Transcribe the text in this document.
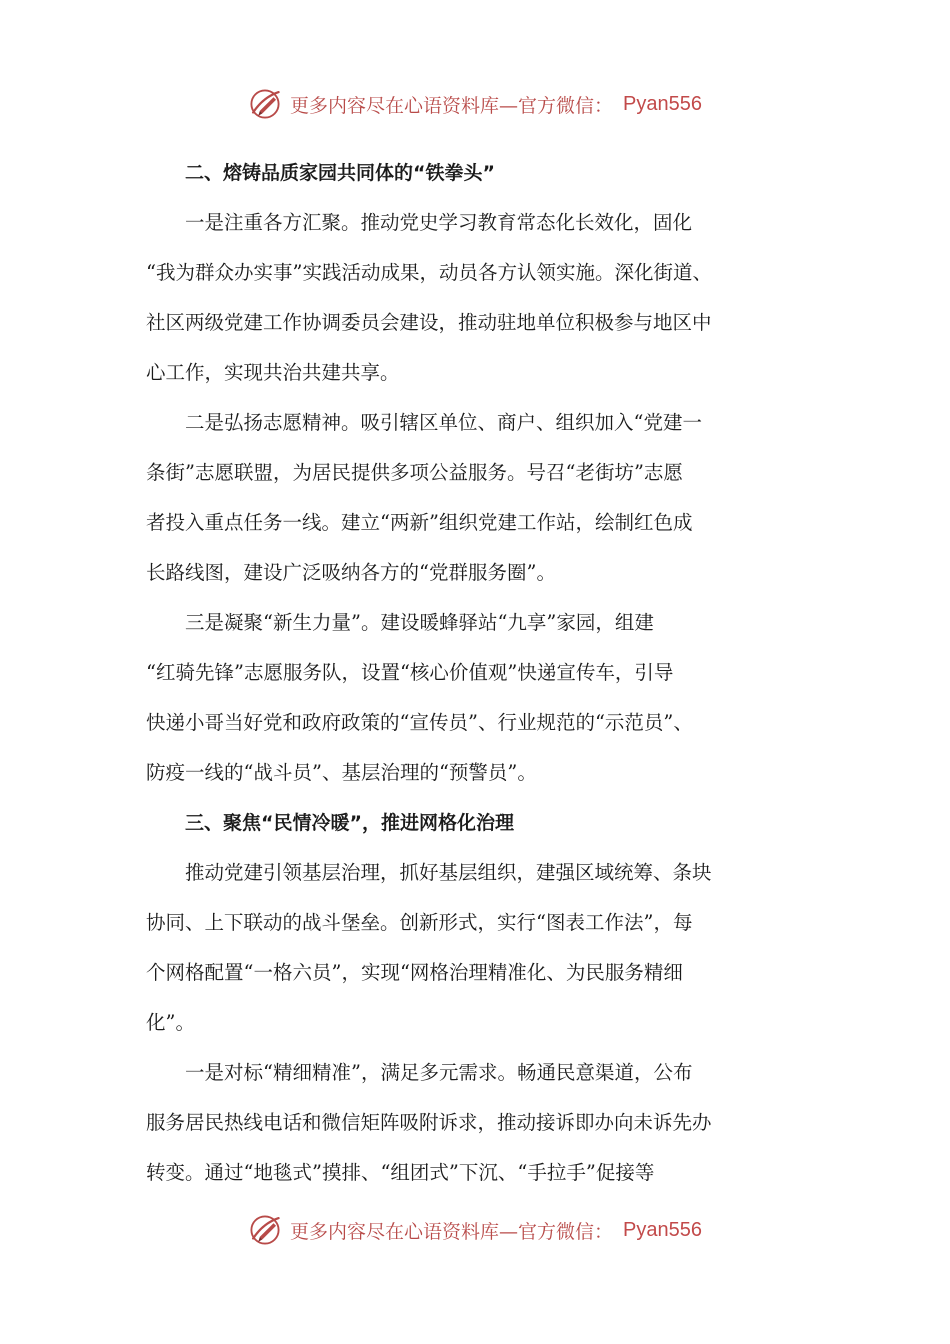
更多内容尽在心语资料库—官方微信： Pyan556
二、熔铸品质家园共同体的“铁拳头”
一是注重各方汇聚。推动党史学习教育常态化长效化，固化
“我为群众办实事”实践活动成果，动员各方认领实施。深化街道、
社区两级党建工作协调委员会建设，推动驻地单位积极参与地区中
心工作，实现共治共建共享。
二是弘扬志愿精神。吸引辖区单位、商户、组织加入“党建一
条街”志愿联盟，为居民提供多项公益服务。号召“老街坊”志愿
者投入重点任务一线。建立“两新”组织党建工作站，绘制红色成
长路线图，建设广泛吸纳各方的“党群服务圈”。
三是凝聚“新生力量”。建设暖蜂驿站“九享”家园，组建
“红骑先锋”志愿服务队，设置“核心价值观”快递宣传车，引导
快递小哥当好党和政府政策的“宣传员”、行业规范的“示范员”、
防疫一线的“战斗员”、基层治理的“预警员”。
三、聚焦“民情冷暖”，推进网格化治理
推动党建引领基层治理，抓好基层组织，建强区域统筹、条块
协同、上下联动的战斗堡垒。创新形式，实行“图表工作法”，每
个网格配置“一格六员”，实现“网格治理精准化、为民服务精细
化”。
一是对标“精细精准”，满足多元需求。畅通民意渠道，公布
服务居民热线电话和微信矩阵吸附诉求，推动接诉即办向未诉先办
转变。通过“地毯式”摸排、“组团式”下沉、“手拉手”促接等
更多内容尽在心语资料库—官方微信： Pyan556
